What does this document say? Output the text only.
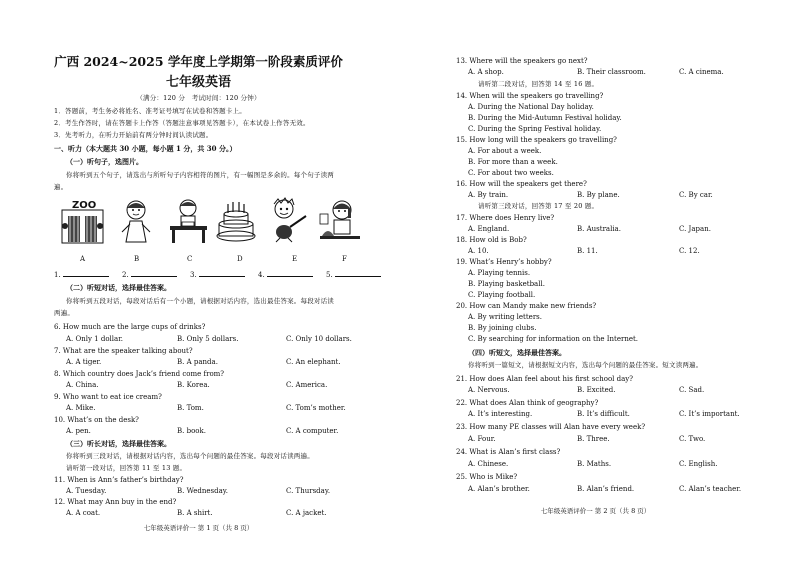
广西 2024~2025 学年度上学期第一阶段素质评价
七年级英语
（满分：120 分　考试时间：120 分钟）
1．答题前，考生务必将姓名、准考证号填写在试卷和答题卡上。
2．考生作答时，请在答题卡上作答（答题注意事项见答题卡），在本试卷上作答无效。
3．先考听力，在听力开始前有两分钟时间认读试题。
一、听力（本大题共 30 小题，每小题 1 分，共 30 分。）
（一）听句子，选图片。
你将听到五个句子，请选出与所听句子内容相符的图片，有一幅图是多余的。每个句子读两
遍。
ZOO
A	B	C	D	E	F
1.	2.	3.	4.	5.
（二）听短对话，选择最佳答案。
你将听到五段对话，每段对话后有一个小题，请根据对话内容，选出最佳答案。每段对话读
两遍。
6. How much are the large cups of drinks?
A. Only 1 dollar.	B. Only 5 dollars.	C. Only 10 dollars.
7. What are the speaker talking about?
A. A tiger.	B. A panda.	C. An elephant.
8. Which country does Jack’s friend come from?
A. China.	B. Korea.	C. America.
9. Who want to eat ice cream?
A. Mike.	B. Tom.	C. Tom’s mother.
10. What’s on the desk?
A. pen.	B. book.	C. A computer.
（三）听长对话，选择最佳答案。
你将听到三段对话，请根据对话内容，选出每个问题的最佳答案。每段对话读两遍。
请听第一段对话，回答第 11 至 13 题。
11. When is Ann’s father’s birthday?
A. Tuesday.	B. Wednesday.	C. Thursday.
12. What may Ann buy in the end?
A. A coat.	B. A shirt.	C. A jacket.
七年级英语评价一 第 1 页（共 8 页）
13. Where will the speakers go next?
A. A shop.	B. Their classroom.	C. A cinema.
请听第二段对话，回答第 14 至 16 题。
14. When will the speakers go travelling?
A. During the National Day holiday.
B. During the Mid-Autumn Festival holiday.
C. During the Spring Festival holiday.
15. How long will the speakers go travelling?
A. For about a week.
B. For more than a week.
C. For about two weeks.
16. How will the speakers get there?
A. By train.	B. By plane.	C. By car.
请听第三段对话，回答第 17 至 20 题。
17. Where does Henry live?
A. England.	B. Australia.	C. Japan.
18. How old is Bob?
A. 10.	B. 11.	C. 12.
19. What’s Henry’s hobby?
A. Playing tennis.
B. Playing basketball.
C. Playing football.
20. How can Mandy make new friends?
A. By writing letters.
B. By joining clubs.
C. By searching for information on the Internet.
（四）听短文，选择最佳答案。
你将听到一篇短文，请根据短文内容，选出每个问题的最佳答案。短文读两遍。
21. How does Alan feel about his first school day?
A. Nervous.	B. Excited.	C. Sad.
22. What does Alan think of geography?
A. It’s interesting.	B. It’s difficult.	C. It’s important.
23. How many PE classes will Alan have every week?
A. Four.	B. Three.	C. Two.
24. What is Alan’s first class?
A. Chinese.	B. Maths.	C. English.
25. Who is Mike?
A. Alan’s brother.	B. Alan’s friend.	C. Alan’s teacher.
七年级英语评价一 第 2 页（共 8 页）
